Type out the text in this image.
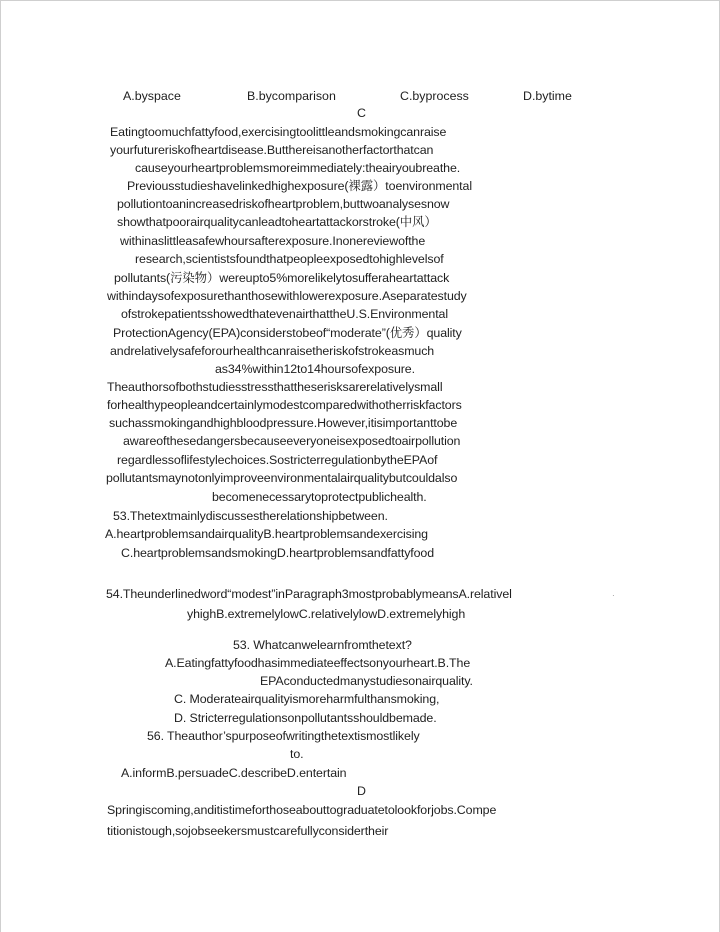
A.byspace	B.bycomparison	C.byprocess	D.bytime
C
Eatingtoomuchfattyfood,exercisingtoolittleandsmokingcanraise
yourfutureriskofheartdisease.Butthereisanotherfactorthatcan
causeyourheartproblemsmoreimmediately:theairyoubreathe.
Previousstudieshavelinkedhighexposure(裸露）toenvironmental
pollutiontoanincreasedriskofheartproblem,buttwoanalysesnow
showthatpoorairqualitycanleadtoheartattackorstroke(中风）
withinaslittleasafewhoursafterexposure.Inonereviewofthe
research,scientistsfoundthatpeopleexposedtohighlevelsof
pollutants(污染物）wereupto5%morelikelytosufferaheartattack
withindaysofexposurethanthosewithlowerexposure.Aseparatestudy
ofstrokepatientsshowedthatevenairthattheU.S.Environmental
ProtectionAgency(EPA)considerstobeof“moderate”(优秀）quality
andrelativelysafeforourhealthcanraisetheriskofstrokeasmuch
as34%within12to14hoursofexposure.
Theauthorsofbothstudiesstressthattheserisksarerelativelysmall
forhealthypeopleandcertainlymodestcomparedwithotherriskfactors
suchassmokingandhighbloodpressure.However,itisimportanttobe
awareofthesedangersbecauseeveryoneisexposedtoairpollution
regardlessoflifestylechoices.SostricterregulationbytheEPAof
pollutantsmaynotonlyimproveenvironmentalairqualitybutcouldalso
becomenecessarytoprotectpublichealth.
53.Thetextmainlydiscussestherelationshipbetween.
A.heartproblemsandairqualityB.heartproblemsandexercising
C.heartproblemsandsmokingD.heartproblemsandfattyfood
54.Theunderlinedword“modest”inParagraph3mostprobablymeansA.relativel	·
yhighB.extremelylowC.relativelylowD.extremelyhigh
53. Whatcanwelearnfromthetext?
A.Eatingfattyfoodhasimmediateeffectsonyourheart.B.The
EPAconductedmanystudiesonairquality.
C. Moderateairqualityismoreharmfulthansmoking,
D. Stricterregulationsonpollutantsshouldbemade.
56. Theauthor’spurposeofwritingthetextismostlikely
to.
A.informB.persuadeC.describeD.entertain
D
Springiscoming,anditistimeforthoseabouttograduatetolookforjobs.Compe
titionistough,sojobseekersmustcarefullyconsidertheir
